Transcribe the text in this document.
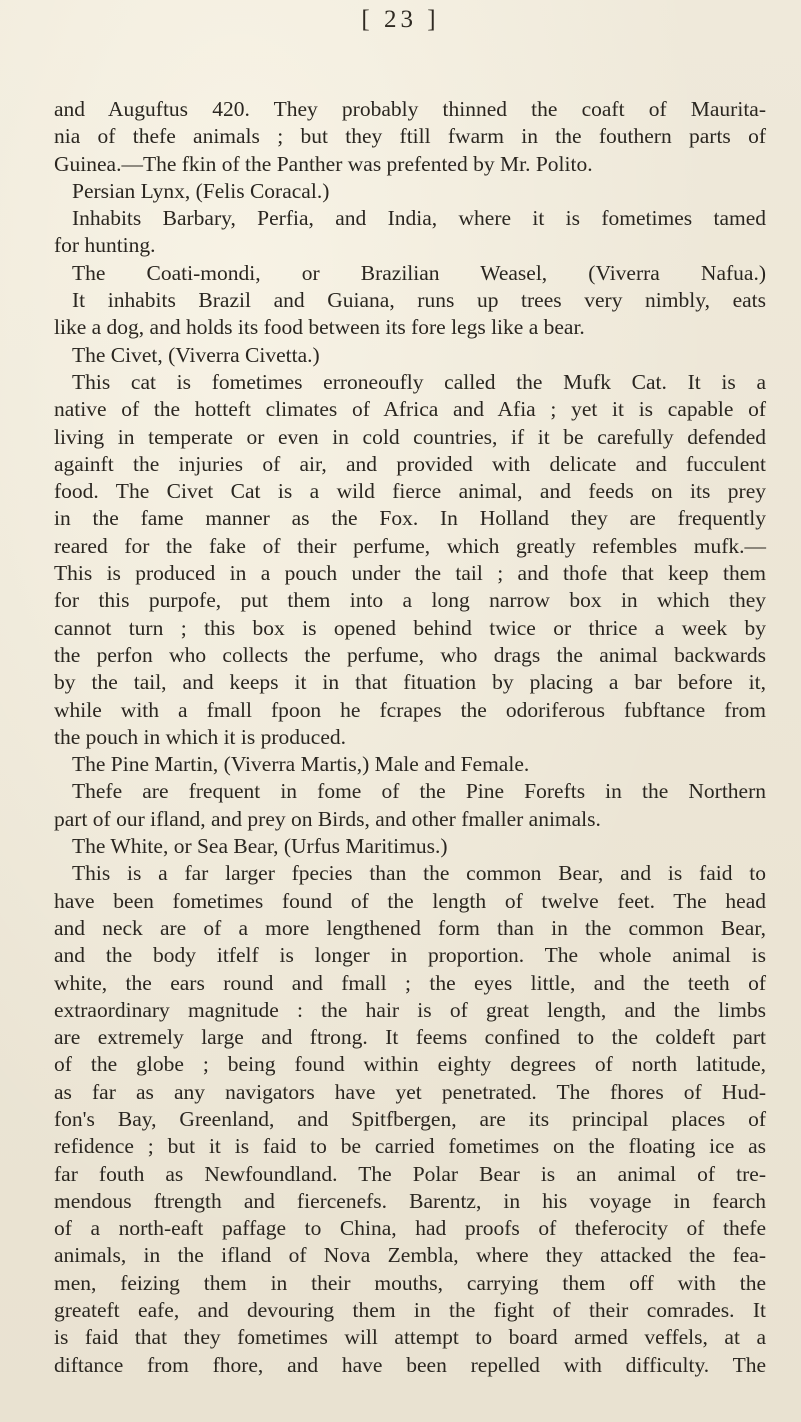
[ 23 ]
and Auguftus 420. They probably thinned the coaft of Maurita-
nia of thefe animals ; but they ftill fwarm in the fouthern parts of
Guinea.—The fkin of the Panther was prefented by Mr. Polito.
Persian Lynx, (Felis Coracal.)
Inhabits Barbary, Perfia, and India, where it is fometimes tamed
for hunting.
The Coati-mondi, or Brazilian Weasel, (Viverra Nafua.)
It inhabits Brazil and Guiana, runs up trees very nimbly, eats
like a dog, and holds its food between its fore legs like a bear.
The Civet, (Viverra Civetta.)
This cat is fometimes erroneoufly called the Mufk Cat. It is a
native of the hotteft climates of Africa and Afia ; yet it is capable of
living in temperate or even in cold countries, if it be carefully defended
againft the injuries of air, and provided with delicate and fucculent
food. The Civet Cat is a wild fierce animal, and feeds on its prey
in the fame manner as the Fox. In Holland they are frequently
reared for the fake of their perfume, which greatly refembles mufk.—
This is produced in a pouch under the tail ; and thofe that keep them
for this purpofe, put them into a long narrow box in which they
cannot turn ; this box is opened behind twice or thrice a week by
the perfon who collects the perfume, who drags the animal backwards
by the tail, and keeps it in that fituation by placing a bar before it,
while with a fmall fpoon he fcrapes the odoriferous fubftance from
the pouch in which it is produced.
The Pine Martin, (Viverra Martis,) Male and Female.
Thefe are frequent in fome of the Pine Forefts in the Northern
part of our ifland, and prey on Birds, and other fmaller animals.
The White, or Sea Bear, (Urfus Maritimus.)
This is a far larger fpecies than the common Bear, and is faid to
have been fometimes found of the length of twelve feet. The head
and neck are of a more lengthened form than in the common Bear,
and the body itfelf is longer in proportion. The whole animal is
white, the ears round and fmall ; the eyes little, and the teeth of
extraordinary magnitude : the hair is of great length, and the limbs
are extremely large and ftrong. It feems confined to the coldeft part
of the globe ; being found within eighty degrees of north latitude,
as far as any navigators have yet penetrated. The fhores of Hud-
fon's Bay, Greenland, and Spitfbergen, are its principal places of
refidence ; but it is faid to be carried fometimes on the floating ice as
far fouth as Newfoundland. The Polar Bear is an animal of tre-
mendous ftrength and fiercenefs. Barentz, in his voyage in fearch
of a north-eaft paffage to China, had proofs of theferocity of thefe
animals, in the ifland of Nova Zembla, where they attacked the fea-
men, feizing them in their mouths, carrying them off with the
greateft eafe, and devouring them in the fight of their comrades. It
is faid that they fometimes will attempt to board armed veffels, at a
diftance from fhore, and have been repelled with difficulty. The
